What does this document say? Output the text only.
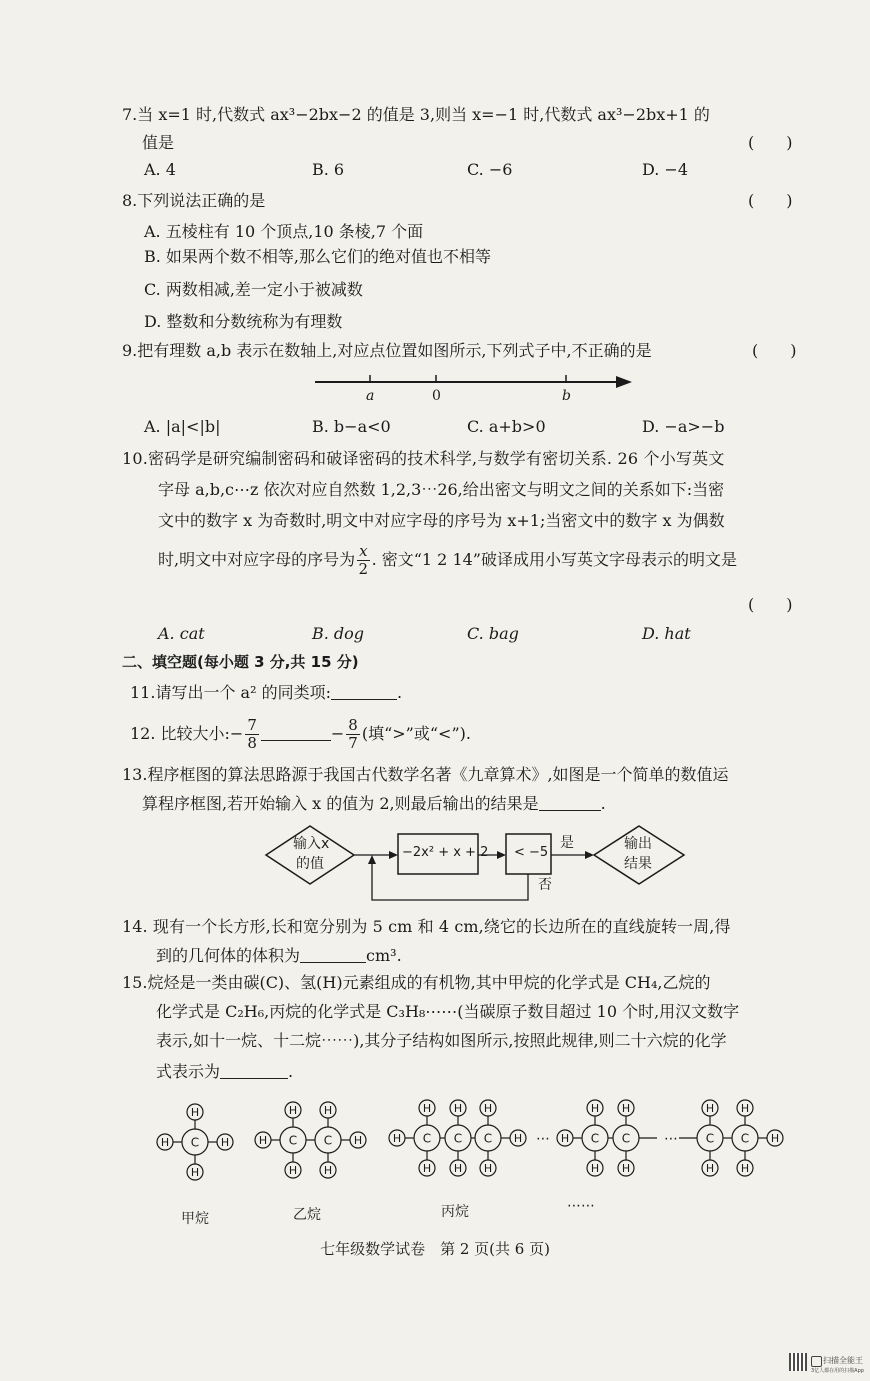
7.当 x=1 时,代数式 ax³−2bx−2 的值是 3,则当 x=−1 时,代数式 ax³−2bx+1 的
值是	(　　)
A. 4	B. 6	C. −6	D. −4
8.下列说法正确的是	(　　)
A. 五棱柱有 10 个顶点,10 条棱,7 个面
B. 如果两个数不相等,那么它们的绝对值也不相等
C. 两数相减,差一定小于被减数
D. 整数和分数统称为有理数
9.把有理数 a,b 表示在数轴上,对应点位置如图所示,下列式子中,不正确的是	(　　)
a	0	b
A. |a|<|b|	B. b−a<0	C. a+b>0	D. −a>−b
10.密码学是研究编制密码和破译密码的技术科学,与数学有密切关系. 26 个小写英文
字母 a,b,c⋯z 依次对应自然数 1,2,3⋯26,给出密文与明文之间的关系如下:当密
文中的数字 x 为奇数时,明文中对应字母的序号为 x+1;当密文中的数字 x 为偶数
时,明文中对应字母的序号为 $\frac{x}{2}$ . 密文“1 2 14”破译成用小写英文字母表示的明文是
(　　)
A. cat	B. dog	C. bag	D. hat
二、填空题(每小题 3 分,共 15 分)
11.请写出一个 a² 的同类项:	.
12. 比较大小:− $\frac{7}{8}$	− $\frac{8}{7}$ (填“>”或“<”).
13.程序框图的算法思路源于我国古代数学名著《九章算术》,如图是一个简单的数值运
算程序框图,若开始输入 x 的值为 2,则最后输出的结果是	.
输入x
的值
−2x² + x + 2 < −5
是
否
输出
结果
14. 现有一个长方形,长和宽分别为 5 cm 和 4 cm,绕它的长边所在的直线旋转一周,得
到的几何体的体积为	cm³.
15.烷烃是一类由碳(C)、氢(H)元素组成的有机物,其中甲烷的化学式是 CH₄,乙烷的
化学式是 C₂H₆,丙烷的化学式是 C₃H₈⋯⋯(当碳原子数目超过 10 个时,用汉文数字
表示,如十一烷、十二烷⋯⋯),其分子结构如图所示,按照此规律,则二十六烷的化学
式表示为	.
H	H
H
H
C	H	H
H
H
C
H
H
C	H	H
H
H
C
H
H
C
H
H
C	H
H
H
C
H
H
C	H
H
H
C
H
H
C
⋯	⋯
甲烷	乙烷	丙烷	⋯⋯
七年级数学试卷　第 2 页(共 6 页)
扫描全能王
3亿人都在用的扫描App
